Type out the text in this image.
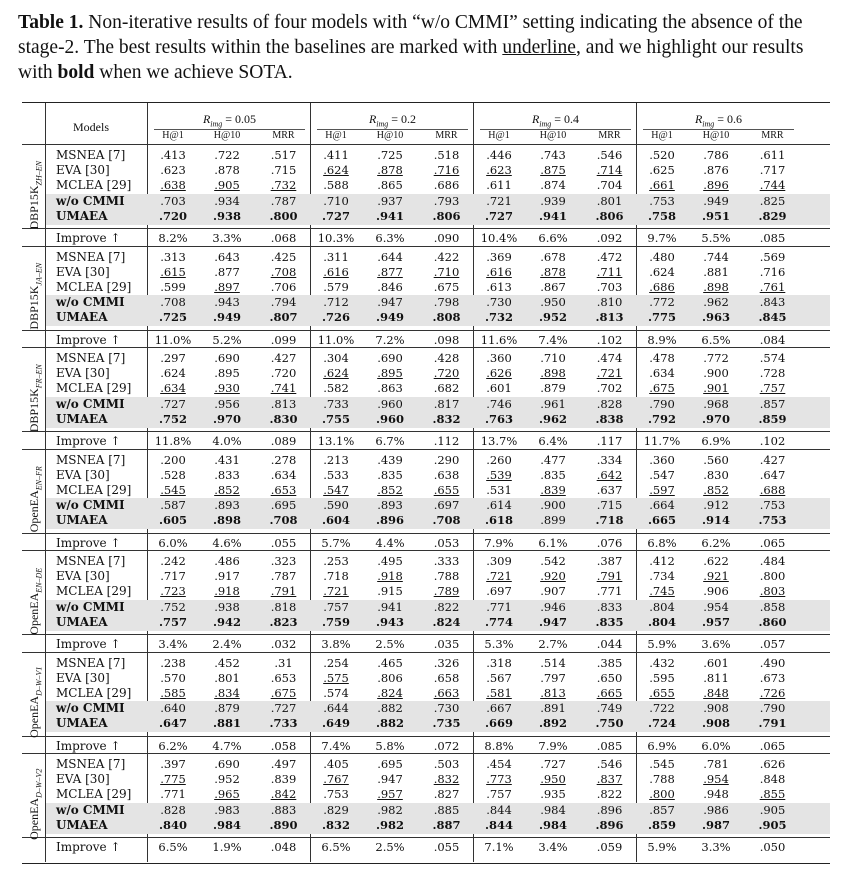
Table 1. Non-iterative results of four models with “w/o CMMI” setting indicating the absence of the stage-2. The best results within the baselines are marked with underline, and we highlight our results with bold when we achieve SOTA.
Models
$R_{img} = 0.05$
H@1	H@10	MRR
$R_{img} = 0.2$
H@1	H@10	MRR
$R_{img} = 0.4$
H@1	H@10	MRR
$R_{img} = 0.6$
H@1	H@10	MRR
MSNEA [7]	.413	.722	.517	.411	.725	.518	.446	.743	.546	.520	.786	.611
EVA [30]	.623	.878	.715	.624	.878	.716	.623	.875	.714	.625	.876	.717
MCLEA [29]	.638	.905	.732	.588	.865	.686	.611	.874	.704	.661	.896	.744
w/o CMMI	.703	.934	.787	.710	.937	.793	.721	.939	.801	.753	.949	.825
UMAEA	.720	.938	.800	.727	.941	.806	.727	.941	.806	.758	.951	.829
Improve ↑	8.2%	3.3%	.068	10.3%	6.3%	.090	10.4%	6.6%	.092	9.7%	5.5%	.085
$DBP15K_{ZH-EN}$
MSNEA [7]	.313	.643	.425	.311	.644	.422	.369	.678	.472	.480	.744	.569
EVA [30]	.615	.877	.708	.616	.877	.710	.616	.878	.711	.624	.881	.716
MCLEA [29]	.599	.897	.706	.579	.846	.675	.613	.867	.703	.686	.898	.761
w/o CMMI	.708	.943	.794	.712	.947	.798	.730	.950	.810	.772	.962	.843
UMAEA	.725	.949	.807	.726	.949	.808	.732	.952	.813	.775	.963	.845
Improve ↑	11.0%	5.2%	.099	11.0%	7.2%	.098	11.6%	7.4%	.102	8.9%	6.5%	.084
$DBP15K_{JA-EN}$
MSNEA [7]	.297	.690	.427	.304	.690	.428	.360	.710	.474	.478	.772	.574
EVA [30]	.624	.895	.720	.624	.895	.720	.626	.898	.721	.634	.900	.728
MCLEA [29]	.634	.930	.741	.582	.863	.682	.601	.879	.702	.675	.901	.757
w/o CMMI	.727	.956	.813	.733	.960	.817	.746	.961	.828	.790	.968	.857
UMAEA	.752	.970	.830	.755	.960	.832	.763	.962	.838	.792	.970	.859
Improve ↑	11.8%	4.0%	.089	13.1%	6.7%	.112	13.7%	6.4%	.117	11.7%	6.9%	.102
$DBP15K_{FR-EN}$
MSNEA [7]	.200	.431	.278	.213	.439	.290	.260	.477	.334	.360	.560	.427
EVA [30]	.528	.833	.634	.533	.835	.638	.539	.835	.642	.547	.830	.647
MCLEA [29]	.545	.852	.653	.547	.852	.655	.531	.839	.637	.597	.852	.688
w/o CMMI	.587	.893	.695	.590	.893	.697	.614	.900	.715	.664	.912	.753
UMAEA	.605	.898	.708	.604	.896	.708	.618	.899	.718	.665	.914	.753
Improve ↑	6.0%	4.6%	.055	5.7%	4.4%	.053	7.9%	6.1%	.076	6.8%	6.2%	.065
OpenEA$_{EN-FR}$
MSNEA [7]	.242	.486	.323	.253	.495	.333	.309	.542	.387	.412	.622	.484
EVA [30]	.717	.917	.787	.718	.918	.788	.721	.920	.791	.734	.921	.800
MCLEA [29]	.723	.918	.791	.721	.915	.789	.697	.907	.771	.745	.906	.803
w/o CMMI	.752	.938	.818	.757	.941	.822	.771	.946	.833	.804	.954	.858
UMAEA	.757	.942	.823	.759	.943	.824	.774	.947	.835	.804	.957	.860
Improve ↑	3.4%	2.4%	.032	3.8%	2.5%	.035	5.3%	2.7%	.044	5.9%	3.6%	.057
OpenEA$_{EN-DE}$
MSNEA [7]	.238	.452	.31	.254	.465	.326	.318	.514	.385	.432	.601	.490
EVA [30]	.570	.801	.653	.575	.806	.658	.567	.797	.650	.595	.811	.673
MCLEA [29]	.585	.834	.675	.574	.824	.663	.581	.813	.665	.655	.848	.726
w/o CMMI	.640	.879	.727	.644	.882	.730	.667	.891	.749	.722	.908	.790
UMAEA	.647	.881	.733	.649	.882	.735	.669	.892	.750	.724	.908	.791
Improve ↑	6.2%	4.7%	.058	7.4%	5.8%	.072	8.8%	7.9%	.085	6.9%	6.0%	.065
OpenEA$_{D-W-V1}$
MSNEA [7]	.397	.690	.497	.405	.695	.503	.454	.727	.546	.545	.781	.626
EVA [30]	.775	.952	.839	.767	.947	.832	.773	.950	.837	.788	.954	.848
MCLEA [29]	.771	.965	.842	.753	.957	.827	.757	.935	.822	.800	.948	.855
w/o CMMI	.828	.983	.883	.829	.982	.885	.844	.984	.896	.857	.986	.905
UMAEA	.840	.984	.890	.832	.982	.887	.844	.984	.896	.859	.987	.905
Improve ↑	6.5%	1.9%	.048	6.5%	2.5%	.055	7.1%	3.4%	.059	5.9%	3.3%	.050
OpenEA$_{D-W-V2}$
